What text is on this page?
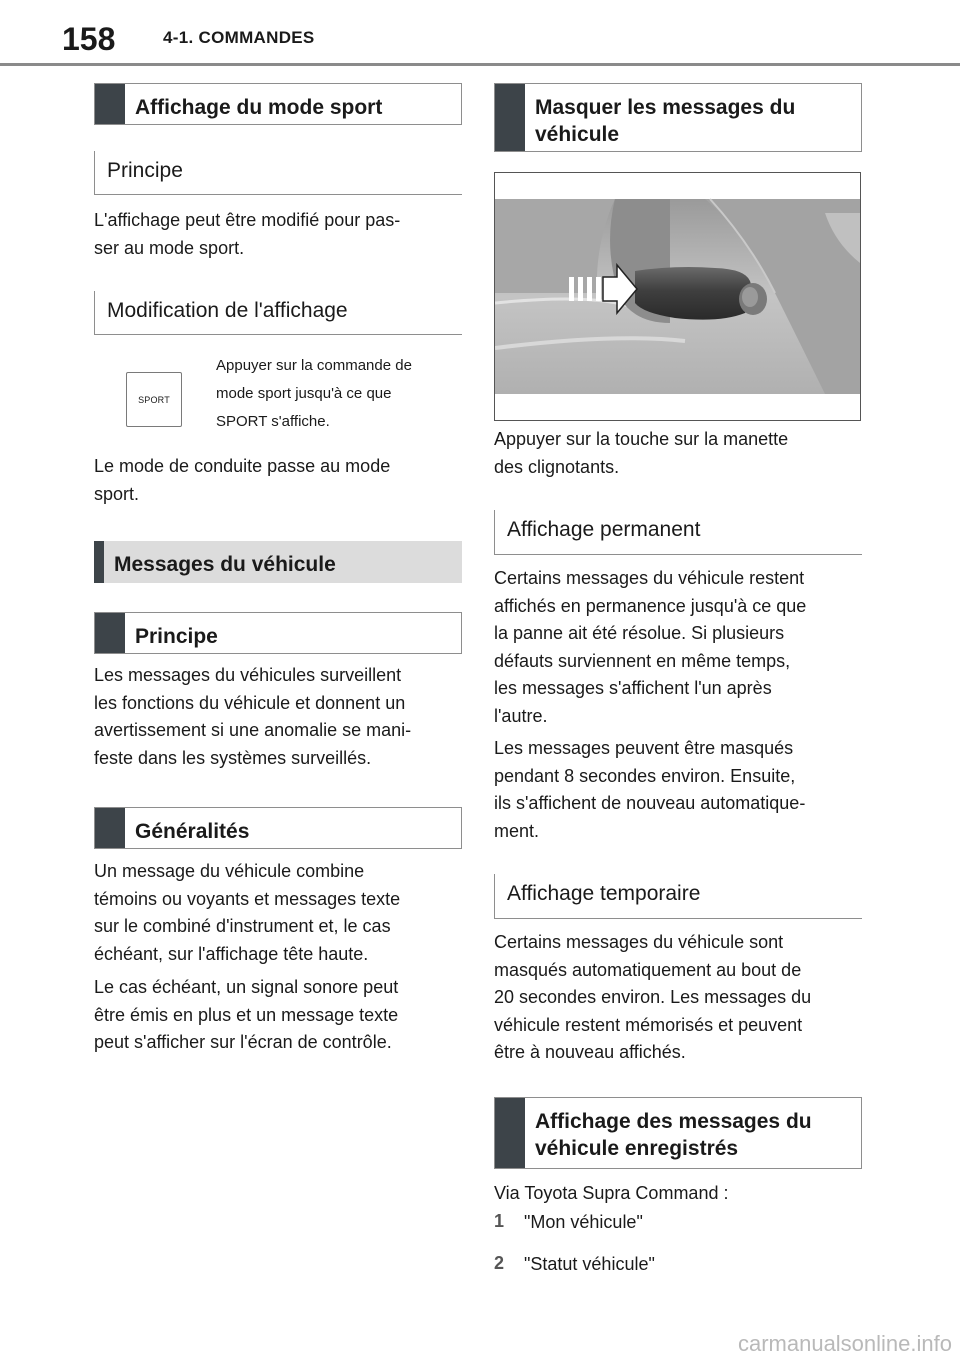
158	4-1. COMMANDES
Affichage du mode sport
Principe
L'affichage peut être modifié pour pas-
ser au mode sport.
Modification de l'affichage
SPORT
Appuyer sur la commande de
mode sport jusqu'à ce que
SPORT s'affiche.
Le mode de conduite passe au mode
sport.
Messages du véhicule
Principe
Les messages du véhicules surveillent
les fonctions du véhicule et donnent un
avertissement si une anomalie se mani-
feste dans les systèmes surveillés.
Généralités
Un message du véhicule combine
témoins ou voyants et messages texte
sur le combiné d'instrument et, le cas
échéant, sur l'affichage tête haute.
Le cas échéant, un signal sonore peut
être émis en plus et un message texte
peut s'afficher sur l'écran de contrôle.
Masquer les messages du
véhicule
Appuyer sur la touche sur la manette
des clignotants.
Affichage permanent
Certains messages du véhicule restent
affichés en permanence jusqu'à ce que
la panne ait été résolue. Si plusieurs
défauts surviennent en même temps,
les messages s'affichent l'un après
l'autre.
Les messages peuvent être masqués
pendant 8 secondes environ. Ensuite,
ils s'affichent de nouveau automatique-
ment.
Affichage temporaire
Certains messages du véhicule sont
masqués automatiquement au bout de
20 secondes environ. Les messages du
véhicule restent mémorisés et peuvent
être à nouveau affichés.
Affichage des messages du
véhicule enregistrés
Via Toyota Supra Command :
1 "Mon véhicule"
2 "Statut véhicule"
carmanualsonline.info
